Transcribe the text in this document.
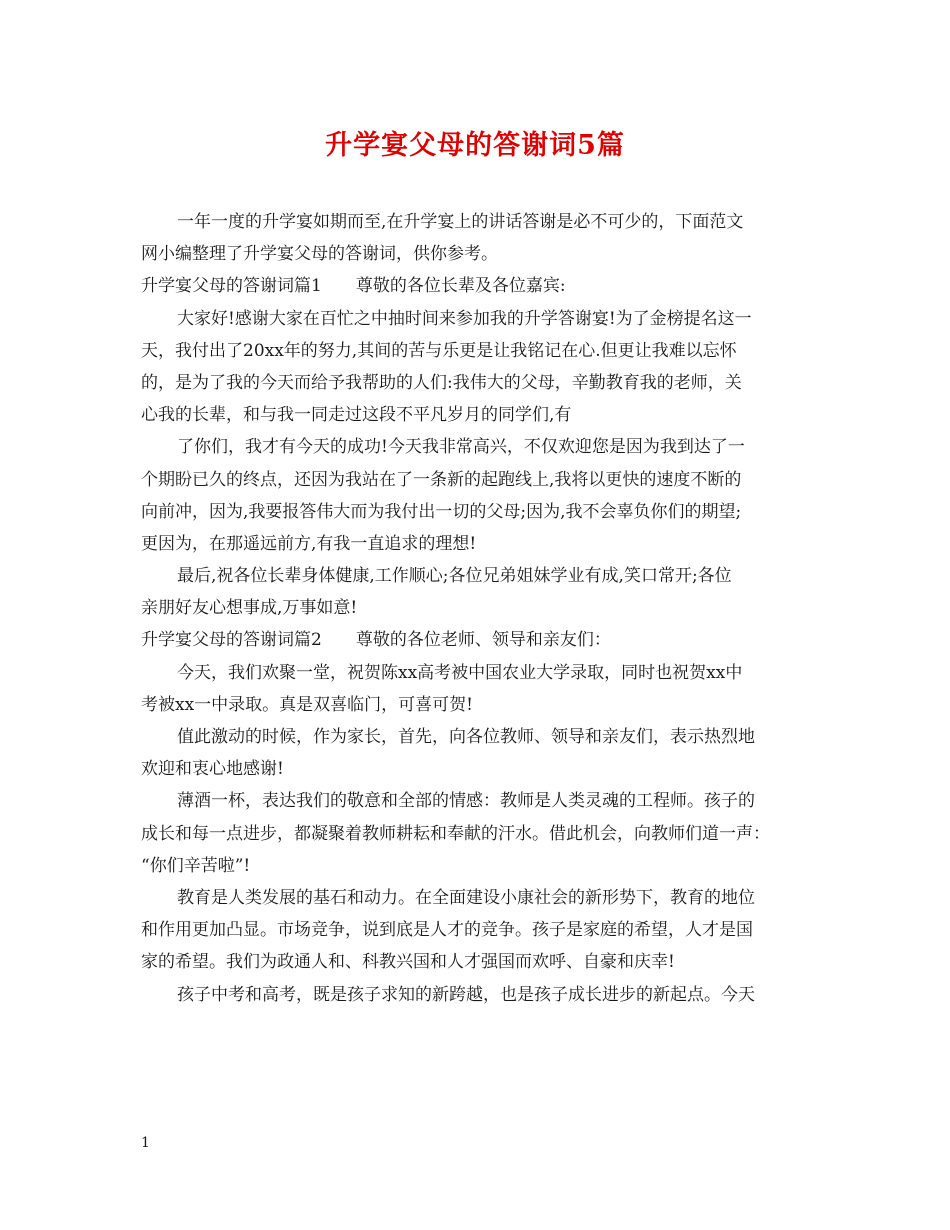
升学宴父母的答谢词5篇
一年一度的升学宴如期而至,在升学宴上的讲话答谢是必不可少的，下面范文
网小编整理了升学宴父母的答谢词，供你参考。
升学宴父母的答谢词篇1　　尊敬的各位长辈及各位嘉宾:
大家好!感谢大家在百忙之中抽时间来参加我的升学答谢宴!为了金榜提名这一
天，我付出了20xx年的努力,其间的苦与乐更是让我铭记在心.但更让我难以忘怀
的，是为了我的今天而给予我帮助的人们:我伟大的父母，辛勤教育我的老师，关
心我的长辈，和与我一同走过这段不平凡岁月的同学们,有
了你们，我才有今天的成功!今天我非常高兴，不仅欢迎您是因为我到达了一
个期盼已久的终点，还因为我站在了一条新的起跑线上,我将以更快的速度不断的
向前冲，因为,我要报答伟大而为我付出一切的父母;因为,我不会辜负你们的期望;
更因为，在那遥远前方,有我一直追求的理想!
最后,祝各位长辈身体健康,工作顺心;各位兄弟姐妹学业有成,笑口常开;各位
亲朋好友心想事成,万事如意!
升学宴父母的答谢词篇2　　尊敬的各位老师、领导和亲友们：
今天，我们欢聚一堂，祝贺陈xx高考被中国农业大学录取，同时也祝贺xx中
考被xx一中录取。真是双喜临门，可喜可贺!
值此激动的时候，作为家长，首先，向各位教师、领导和亲友们，表示热烈地
欢迎和衷心地感谢!
薄酒一杯，表达我们的敬意和全部的情感：教师是人类灵魂的工程师。孩子的
成长和每一点进步，都凝聚着教师耕耘和奉献的汗水。借此机会，向教师们道一声：
“你们辛苦啦”!
教育是人类发展的基石和动力。在全面建设小康社会的新形势下，教育的地位
和作用更加凸显。市场竞争，说到底是人才的竞争。孩子是家庭的希望，人才是国
家的希望。我们为政通人和、科教兴国和人才强国而欢呼、自豪和庆幸!
孩子中考和高考，既是孩子求知的新跨越，也是孩子成长进步的新起点。今天
1
